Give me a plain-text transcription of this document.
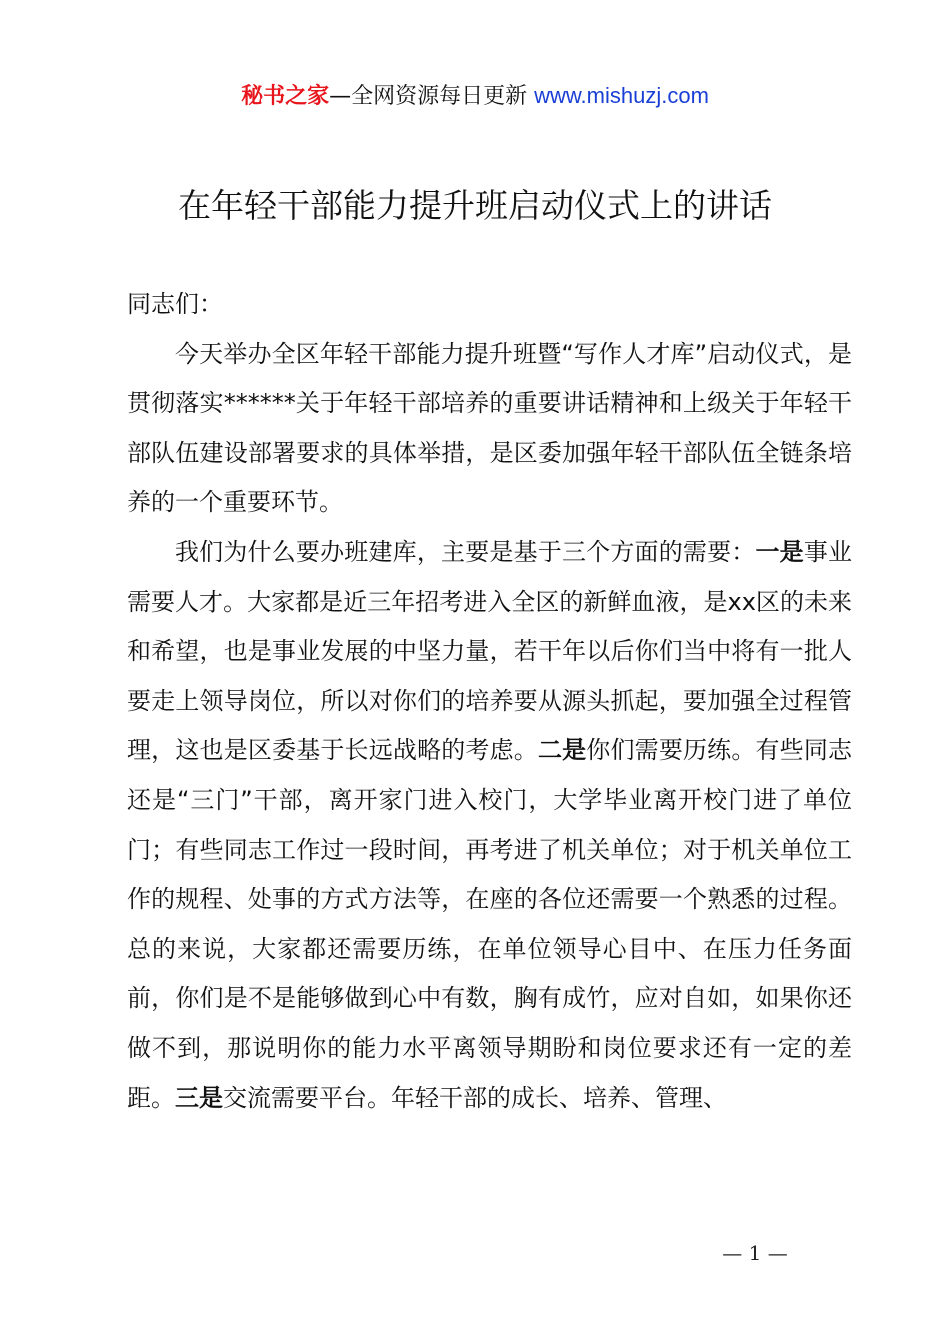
秘书之家—全网资源每日更新 www.mishuzj.com
在年轻干部能力提升班启动仪式上的讲话

同志们：

今天举办全区年轻干部能力提升班暨“写作人才库”启动仪式，是贯彻落实******关于年轻干部培养的重要讲话精神和上级关于年轻干部队伍建设部署要求的具体举措，是区委加强年轻干部队伍全链条培养的一个重要环节。

我们为什么要办班建库，主要是基于三个方面的需要：一是事业需要人才。大家都是近三年招考进入全区的新鲜血液，是xx区的未来和希望，也是事业发展的中坚力量，若干年以后你们当中将有一批人要走上领导岗位，所以对你们的培养要从源头抓起，要加强全过程管理，这也是区委基于长远战略的考虑。二是你们需要历练。有些同志还是“三门”干部，离开家门进入校门，大学毕业离开校门进了单位门；有些同志工作过一段时间，再考进了机关单位；对于机关单位工作的规程、处事的方式方法等，在座的各位还需要一个熟悉的过程。总的来说，大家都还需要历练，在单位领导心目中、在压力任务面前，你们是不是能够做到心中有数，胸有成竹，应对自如，如果你还做不到，那说明你的能力水平离领导期盼和岗位要求还有一定的差距。三是交流需要平台。年轻干部的成长、培养、管理、

— 1 —
